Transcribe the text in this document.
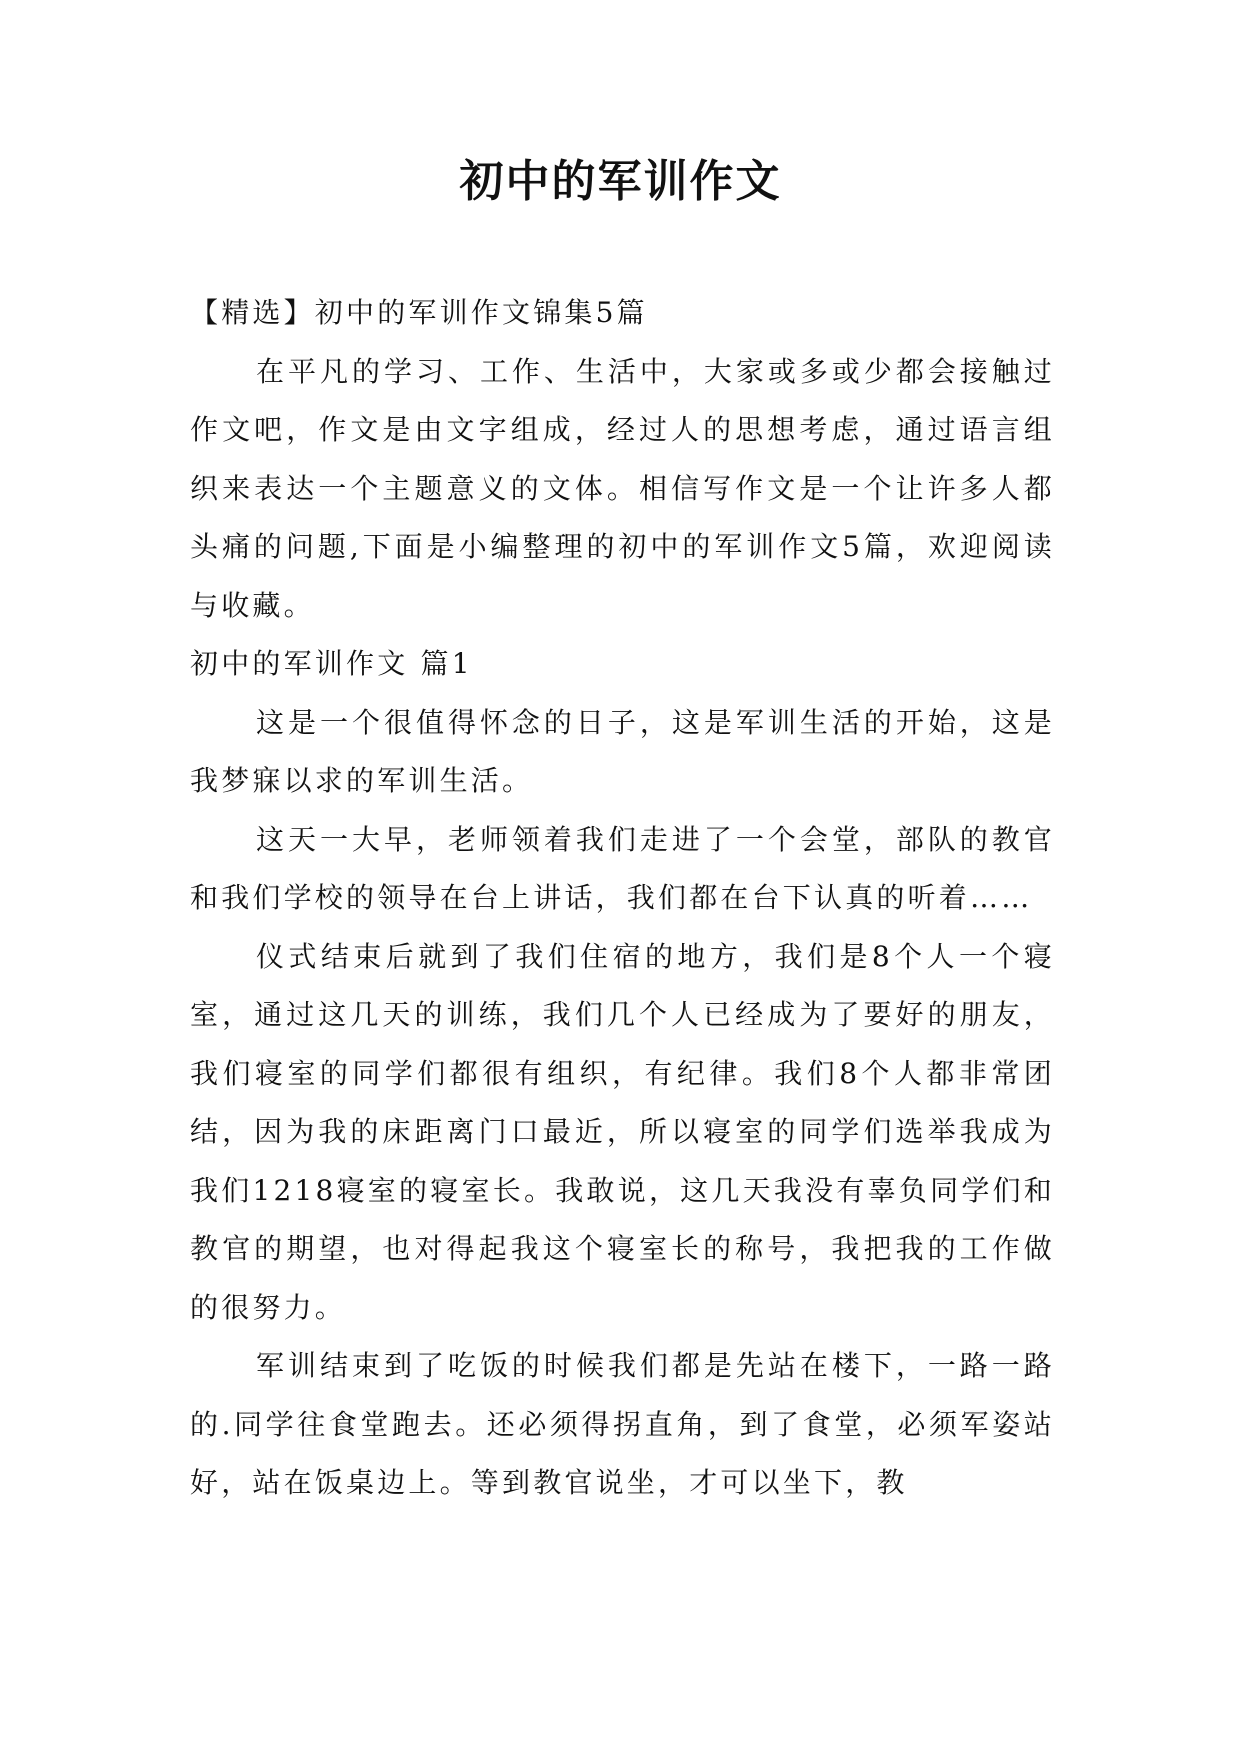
初中的军训作文

【精选】初中的军训作文锦集5篇

在平凡的学习、工作、生活中，大家或多或少都会接触过作文吧，作文是由文字组成，经过人的思想考虑，通过语言组织来表达一个主题意义的文体。相信写作文是一个让许多人都头痛的问题,下面是小编整理的初中的军训作文5篇，欢迎阅读与收藏。

初中的军训作文 篇1

这是一个很值得怀念的日子，这是军训生活的开始，这是我梦寐以求的军训生活。

这天一大早，老师领着我们走进了一个会堂，部队的教官和我们学校的领导在台上讲话，我们都在台下认真的听着……

仪式结束后就到了我们住宿的地方，我们是8个人一个寝室，通过这几天的训练，我们几个人已经成为了要好的朋友，我们寝室的同学们都很有组织，有纪律。我们8个人都非常团结，因为我的床距离门口最近，所以寝室的同学们选举我成为我们1218寝室的寝室长。我敢说，这几天我没有辜负同学们和教官的期望，也对得起我这个寝室长的称号，我把我的工作做的很努力。

军训结束到了吃饭的时候我们都是先站在楼下，一路一路的.同学往食堂跑去。还必须得拐直角，到了食堂，必须军姿站好，站在饭桌边上。等到教官说坐，才可以坐下，教
